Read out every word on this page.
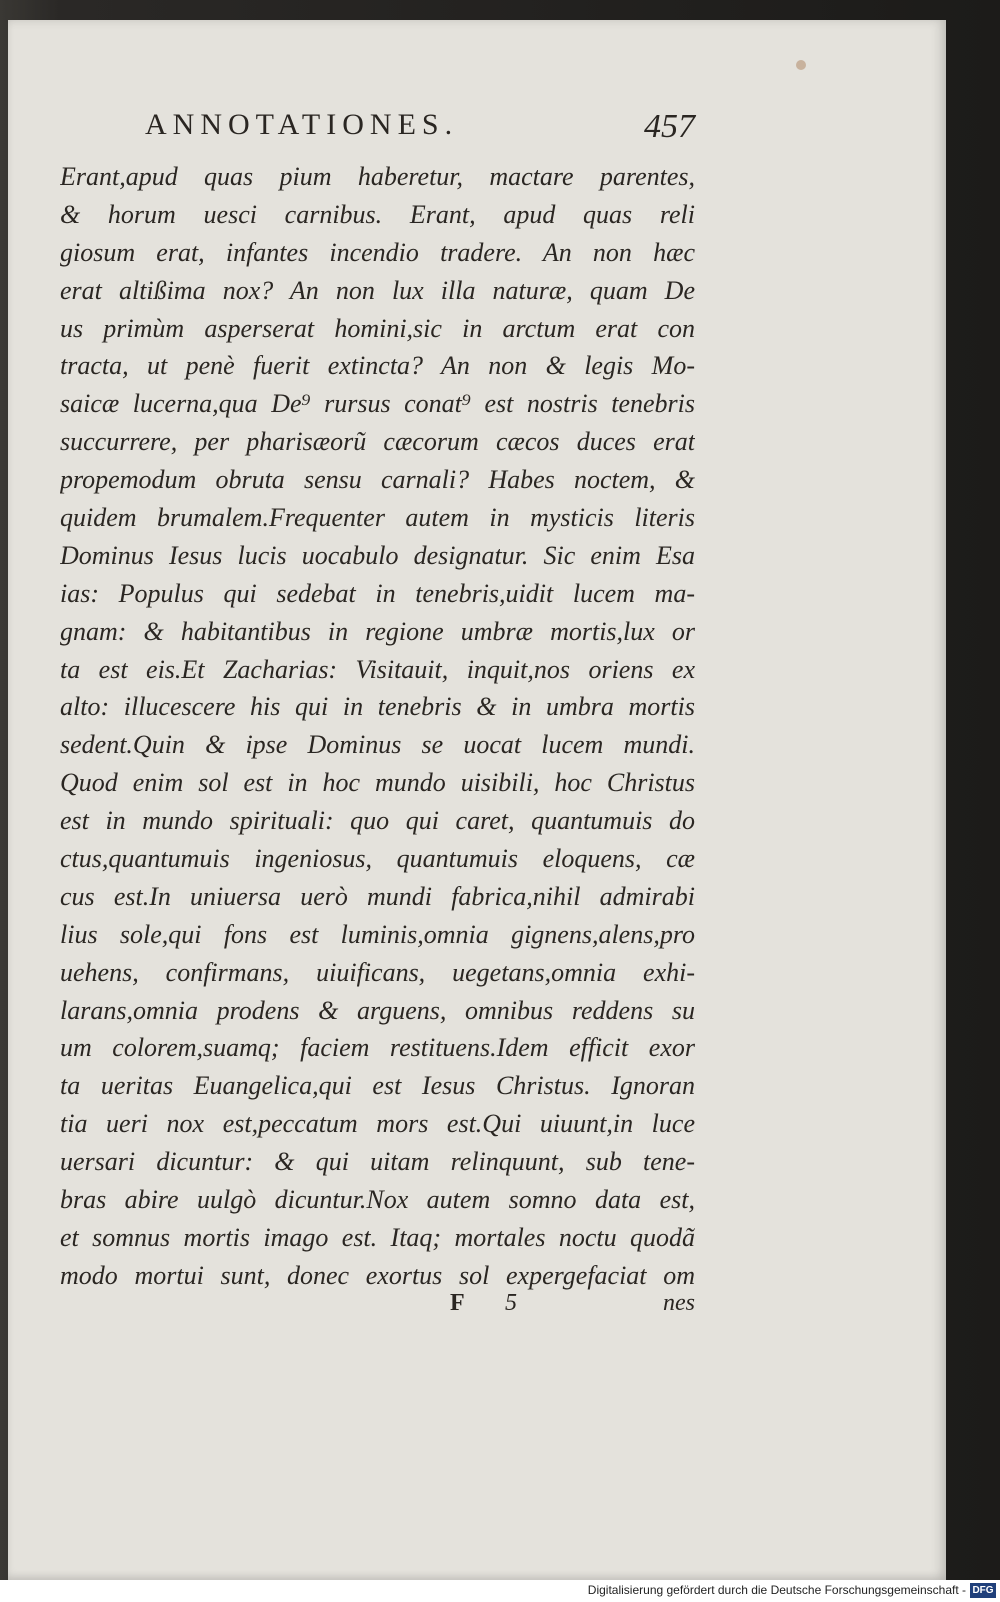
ANNOTATIONES.	457
Erant,apud quas pium haberetur, mactare parentes,
& horum uesci carnibus. Erant, apud quas reli
giosum erat, infantes incendio tradere. An non hæc
erat altißima nox? An non lux illa naturæ, quam De
us primùm asperserat homini,sic in arctum erat con
tracta, ut penè fuerit extincta? An non & legis Mo-
saicæ lucerna,qua De⁹ rursus conat⁹ est nostris tenebris
succurrere, per pharisæorũ cæcorum cæcos duces erat
propemodum obruta sensu carnali? Habes noctem, &
quidem brumalem.Frequenter autem in mysticis literis
Dominus Iesus lucis uocabulo designatur. Sic enim Esa
ias: Populus qui sedebat in tenebris,uidit lucem ma-
gnam: & habitantibus in regione umbræ mortis,lux or
ta est eis.Et Zacharias: Visitauit, inquit,nos oriens ex
alto: illucescere his qui in tenebris & in umbra mortis
sedent.Quin & ipse Dominus se uocat lucem mundi.
Quod enim sol est in hoc mundo uisibili, hoc Christus
est in mundo spirituali: quo qui caret, quantumuis do
ctus,quantumuis ingeniosus, quantumuis eloquens, cæ
cus est.In uniuersa uerò mundi fabrica,nihil admirabi
lius sole,qui fons est luminis,omnia gignens,alens,pro
uehens, confirmans, uiuificans, uegetans,omnia exhi-
larans,omnia prodens & arguens, omnibus reddens su
um colorem,suamq; faciem restituens.Idem efficit exor
ta ueritas Euangelica,qui est Iesus Christus. Ignoran
tia ueri nox est,peccatum mors est.Qui uiuunt,in luce
uersari dicuntur: & qui uitam relinquunt, sub tene-
bras abire uulgò dicuntur.Nox autem somno data est,
et somnus mortis imago est. Itaq; mortales noctu quodã
modo mortui sunt, donec exortus sol expergefaciat om
F 5	nes
Digitalisierung gefördert durch die Deutsche Forschungsgemeinschaft - DFG
